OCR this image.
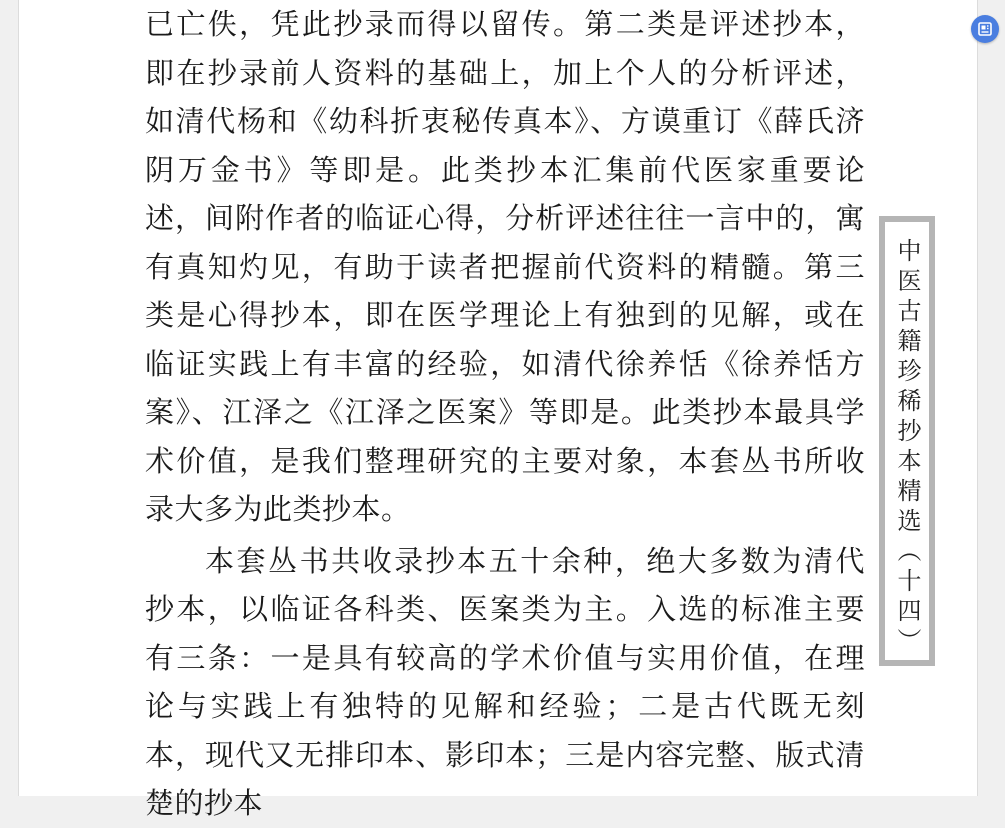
已亡佚，凭此抄录而得以留传。第二类是评述抄本，
即在抄录前人资料的基础上，加上个人的分析评述，
如清代杨和《幼科折衷秘传真本》、方谟重订《薛氏济
阴万金书》等即是。此类抄本汇集前代医家重要论
述，间附作者的临证心得，分析评述往往一言中的，寓
有真知灼见，有助于读者把握前代资料的精髓。第三
类是心得抄本，即在医学理论上有独到的见解，或在
临证实践上有丰富的经验，如清代徐养恬《徐养恬方
案》、江泽之《江泽之医案》等即是。此类抄本最具学
术价值，是我们整理研究的主要对象，本套丛书所收
录大多为此类抄本。
本套丛书共收录抄本五十余种，绝大多数为清代
抄本，以临证各科类、医案类为主。入选的标准主要
有三条：一是具有较高的学术价值与实用价值，在理
论与实践上有独特的见解和经验；二是古代既无刻
本，现代又无排印本、影印本；三是内容完整、版式清
楚的抄本
中医古籍珍稀抄本精选（十四）
